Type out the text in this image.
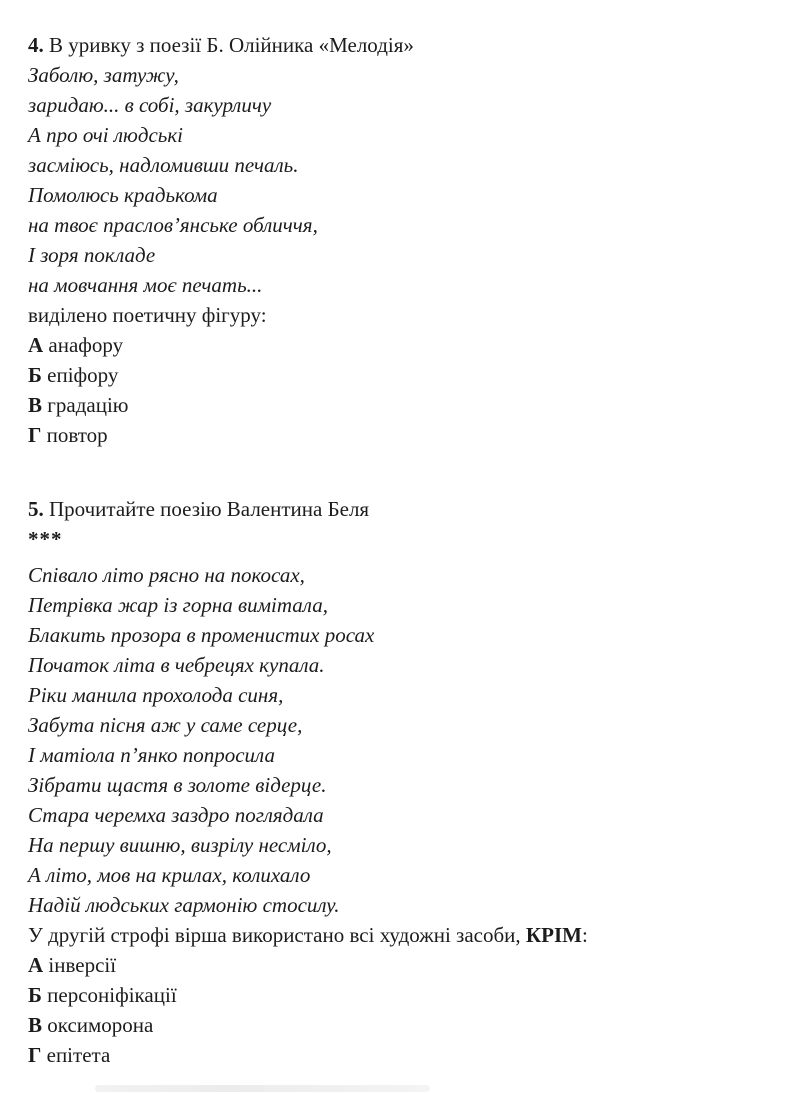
4. В уривку з поезії Б. Олійника «Мелодія»

Заболю, затужу,

заридаю... в собі, закурличу

А про очі людські

засміюсь, надломивши печаль.

Помолюсь крадькома

на твоє праслов’янське обличчя,

І зоря покладе

на мовчання моє печать...

виділено поетичну фігуру:

А анафору

Б епіфору

В градацію

Г повтор

5. Прочитайте поезію Валентина Беля

***

Співало літо рясно на покосах,

Петрівка жар із горна вимітала,

Блакить прозора в променистих росах

Початок літа в чебрецях купала.

Ріки манила прохолода синя,

Забута пісня аж у саме серце,

І матіола п’янко попросила

Зібрати щастя в золоте відерце.

Стара черемха заздро поглядала

На першу вишню, визрілу несміло,

А літо, мов на крилах, колихало

Надій людських гармонію стосилу.

У другій строфі вірша використано всі художні засоби, КРІМ:

А інверсії

Б персоніфікації

В оксиморона

Г епітета
